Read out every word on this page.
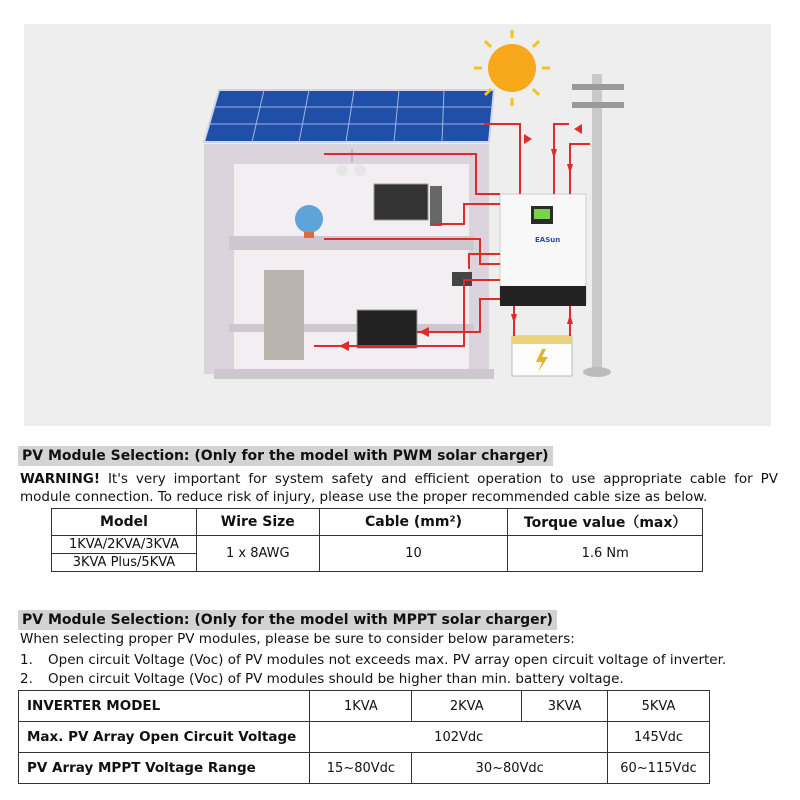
EASun
PV Module Selection: (Only for the model with PWM solar charger)
WARNING! It's very important for system safety and efficient operation to use appropriate cable for PV module connection. To reduce risk of injury, please use the proper recommended cable size as below.
Model	Wire Size	Cable (mm²)	Torque value（max）
1KVA/2KVA/3KVA	1 x 8AWG	10	1.6 Nm
3KVA Plus/5KVA			
PV Module Selection: (Only for the model with MPPT solar charger)
When selecting proper PV modules, please be sure to consider below parameters:
1. Open circuit Voltage (Voc) of PV modules not exceeds max. PV array open circuit voltage of inverter.
2. Open circuit Voltage (Voc) of PV modules should be higher than min. battery voltage.
INVERTER MODEL	1KVA	2KVA	3KVA	5KVA
Max. PV Array Open Circuit Voltage	102Vdc			145Vdc
PV Array MPPT Voltage Range	15~80Vdc	30~80Vdc		60~115Vdc
